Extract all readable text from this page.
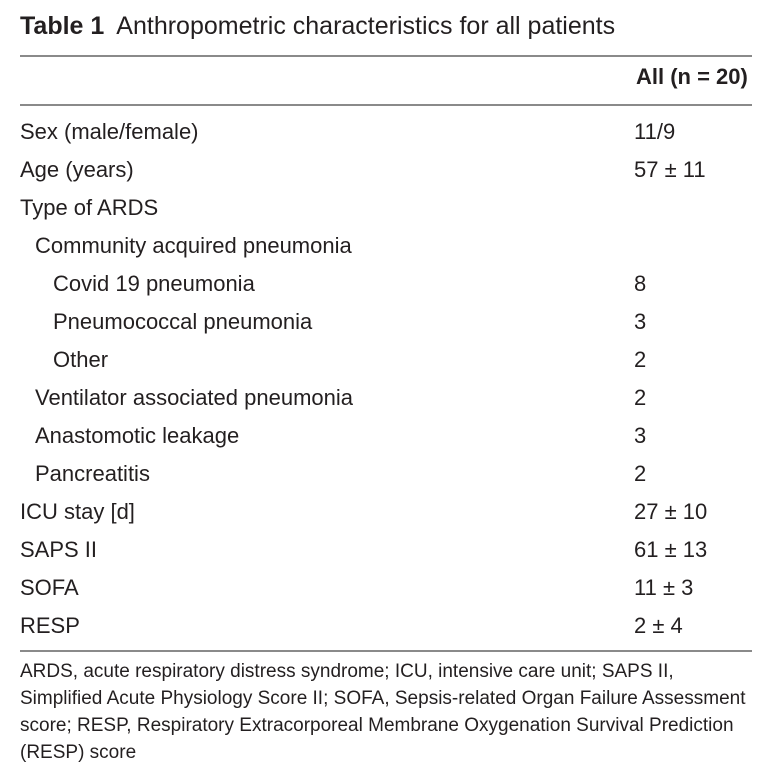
Table 1 Anthropometric characteristics for all patients
All (n = 20)
Sex (male/female)	11/9
Age (years)	57 ± 11
Type of ARDS
Community acquired pneumonia
Covid 19 pneumonia	8
Pneumococcal pneumonia	3
Other	2
Ventilator associated pneumonia	2
Anastomotic leakage	3
Pancreatitis	2
ICU stay [d]	27 ± 10
SAPS II	61 ± 13
SOFA	11 ± 3
RESP	2 ± 4
ARDS, acute respiratory distress syndrome; ICU, intensive care unit; SAPS II, Simplified Acute Physiology Score II; SOFA, Sepsis-related Organ Failure Assessment score; RESP, Respiratory Extracorporeal Membrane Oxygenation Survival Prediction (RESP) score
